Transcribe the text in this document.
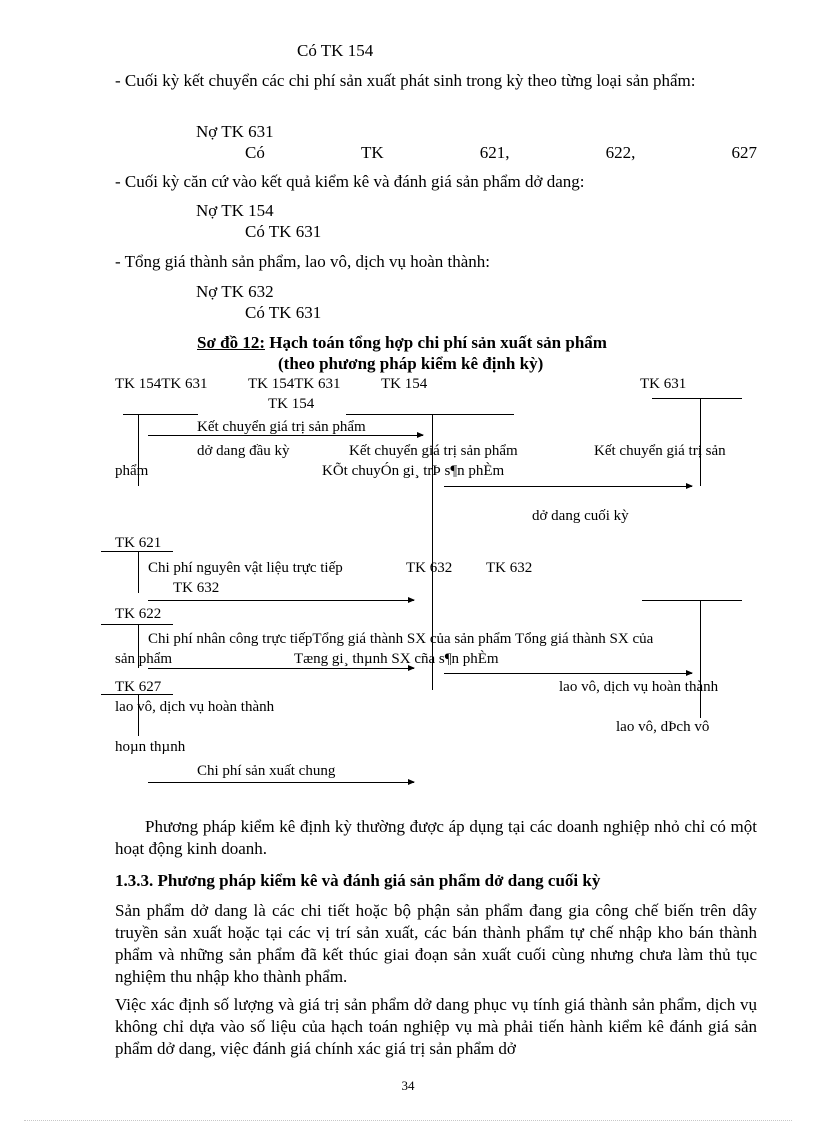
Có TK 154
- Cuối kỳ kết chuyển các chi phí sản xuất phát sinh trong kỳ theo từng loại sản phẩm:
Nợ TK 631
Có	TK	621,	622,	627
- Cuối kỳ căn cứ vào kết quả kiểm kê và đánh giá sản phẩm dở dang:
Nợ TK 154
Có TK 631
- Tổng giá thành sản phẩm, lao vô, dịch vụ hoàn thành:
Nợ TK 632
Có TK 631
Sơ đồ 12: Hạch toán tổng hợp chi phí sản xuất sản phẩm
(theo phương pháp kiểm kê định kỳ)
TK 154TK 631	TK 154TK 631	TK 154	TK 631
TK 154
Kết chuyển giá trị sản phẩm
dở dang đầu kỳ	Kết chuyển giá trị sản phẩm	Kết chuyển giá trị sản
phẩm	KÕt chuyÓn gi¸ trÞ s¶n phÈm
dở dang cuối kỳ
TK 621
Chi phí nguyên vật liệu trực tiếp	TK 632 TK 632
TK 632
TK 622
Chi phí nhân công trực tiếpTổng giá thành SX của sản phẩm Tổng giá thành SX của
sản phẩm	Tæng gi¸ thµnh SX cña s¶n phÈm
TK 627	lao vô, dịch vụ hoàn thành
lao vô, dịch vụ hoàn thành
lao vô, dÞch vô
hoµn thµnh
Chi phí sản xuất chung
Phương pháp kiểm kê định kỳ thường được áp dụng tại các doanh nghiệp nhỏ chỉ có một hoạt động kinh doanh.
1.3.3. Phương pháp kiểm kê và đánh giá sản phẩm dở dang cuối kỳ
Sản phẩm dở dang là các chi tiết hoặc bộ phận sản phẩm đang gia công chế biến trên dây truyền sản xuất hoặc tại các vị trí sản xuất, các bán thành phẩm tự chế nhập kho bán thành phẩm và những sản phẩm đã kết thúc giai đoạn sản xuất cuối cùng nhưng chưa làm thủ tục nghiệm thu nhập kho thành phẩm.
Việc xác định số lượng và giá trị sản phẩm dở dang phục vụ tính giá thành sản phẩm, dịch vụ không chỉ dựa vào số liệu của hạch toán nghiệp vụ mà phải tiến hành kiểm kê đánh giá sản phẩm dở dang, việc đánh giá chính xác giá trị sản phẩm dở
34
